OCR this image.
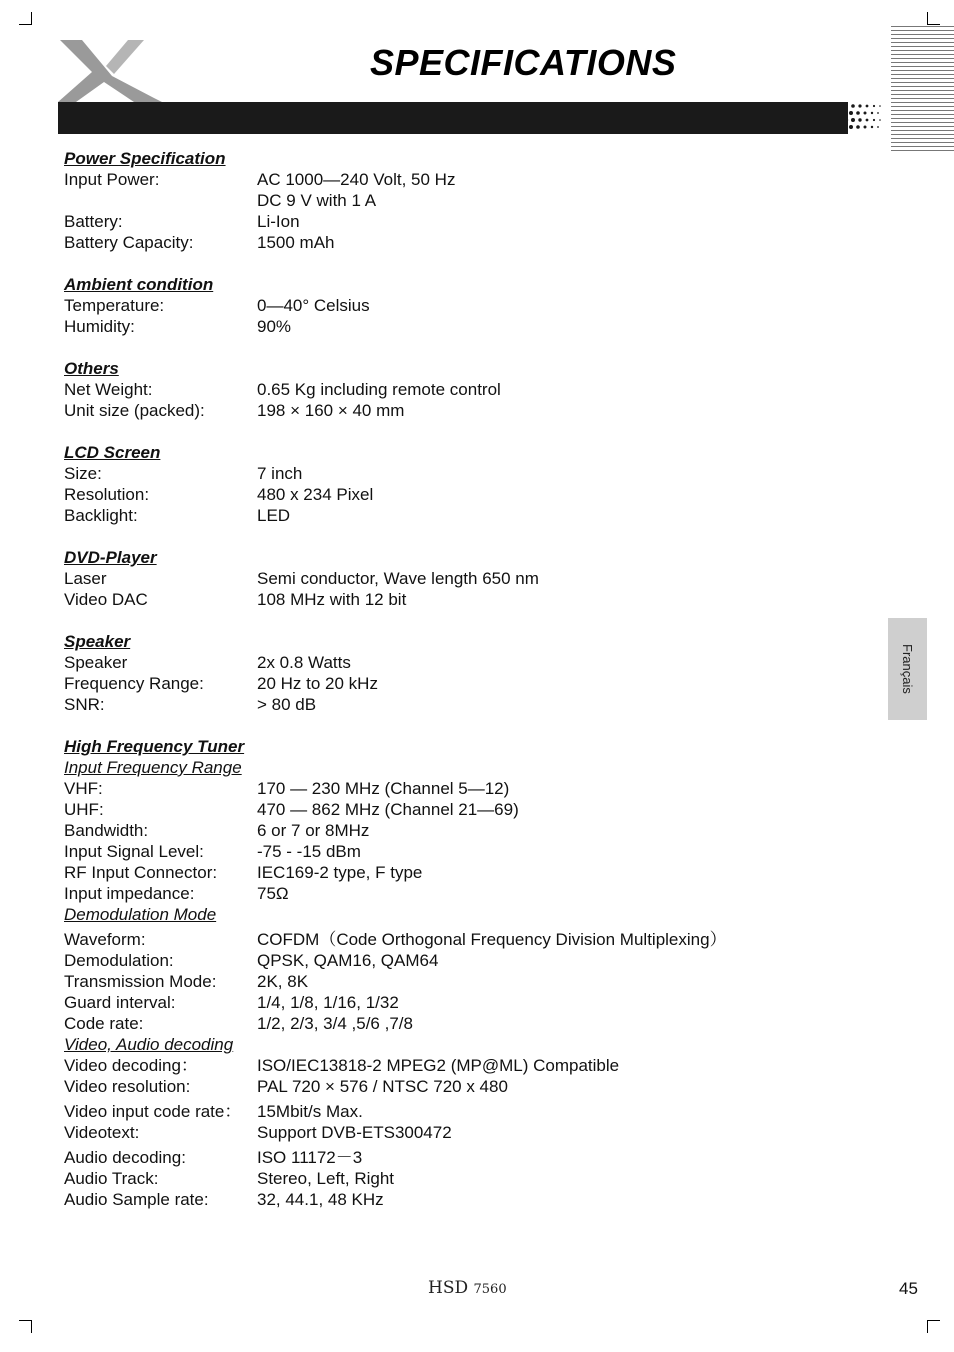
SPECIFICATIONS
Power Specification
Input Power:	AC 1000—240 Volt, 50 Hz
DC 9 V with 1 A
Battery:	Li-Ion
Battery Capacity:	1500 mAh
Ambient condition
Temperature:	0—40° Celsius
Humidity:	90%
Others
Net Weight:	0.65 Kg including remote control
Unit size (packed):	198 × 160 × 40 mm
LCD Screen
Size:	7 inch
Resolution:	480 x 234 Pixel
Backlight:	LED
DVD-Player
Laser	Semi conductor, Wave length 650 nm
Video DAC	108 MHz with 12 bit
Speaker
Speaker	2x 0.8 Watts
Frequency Range:	20 Hz to 20 kHz
SNR:	> 80 dB
High Frequency Tuner
Input Frequency Range
VHF:	170 — 230 MHz (Channel 5—12)
UHF:	470 — 862 MHz (Channel 21—69)
Bandwidth:	6 or 7 or 8MHz
Input Signal Level:	-75 - -15 dBm
RF Input Connector:	IEC169-2 type, F type
Input impedance:	75Ω
Demodulation Mode
Waveform:	COFDM（Code Orthogonal Frequency Division Multiplexing）
Demodulation:	QPSK, QAM16, QAM64
Transmission Mode:	2K, 8K
Guard interval:	1/4, 1/8, 1/16, 1/32
Code rate:	1/2, 2/3, 3/4 ,5/6 ,7/8
Video, Audio decoding
Video decoding：	ISO/IEC13818-2 MPEG2 (MP@ML) Compatible
Video resolution:	PAL 720 × 576 / NTSC 720 x 480
Video input code rate： 15Mbit/s Max.
Videotext:	Support DVB-ETS300472
Audio decoding:	ISO 11172－3
Audio Track:	Stereo, Left, Right
Audio Sample rate:	32, 44.1, 48 KHz
Français
HSD 7560	45
